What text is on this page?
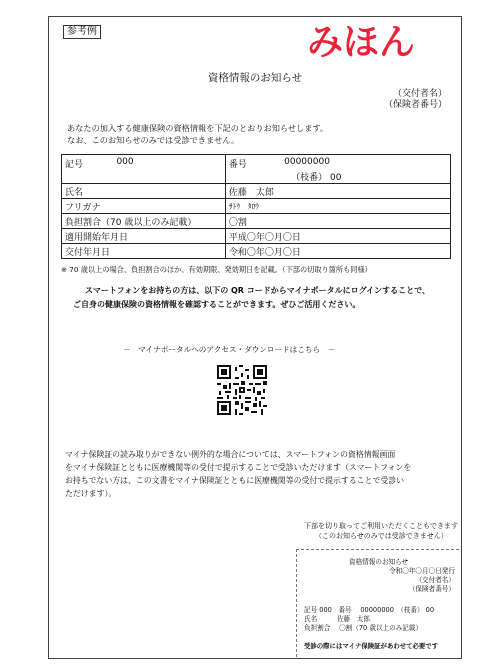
参考例	みほん
資格情報のお知らせ
（交付者名）
（保険者番号）
あなたの加入する健康保険の資格情報を下記のとおりお知らせします。
なお、このお知らせのみでは受診できません。
記号	000	番号	00000000
			（枝番） 00
氏名		佐藤　太郎	
フリガナ		ｻﾄｳ　ﾀﾛｳ	
負担割合（70 歳以上のみ記載）		〇割	
適用開始年月日		平成〇年〇月〇日	
交付年月日		令和〇年〇月〇日	
※ 70 歳以上の場合、負担割合のほか、有効期限、発効期日を記載。（下部の切取り箇所も同様）
スマートフォンをお持ちの方は、以下の QR コードからマイナポータルにログインすることで、
ご自身の健康保険の資格情報を確認することができます。ぜひご活用ください。
－　マイナポータルへのアクセス・ダウンロードはこちら　－
マイナ保険証の読み取りができない例外的な場合については、スマートフォンの資格情報画面
をマイナ保険証とともに医療機関等の受付で提示することで受診いただけます（スマートフォンを
お持ちでない方は、この文書をマイナ保険証とともに医療機関等の受付で提示することで受診い
ただけます）。
下部を切り取ってご利用いただくこともできます
（このお知らせのみでは受診できません）
資格情報のお知らせ
令和〇年〇月〇日発行
（交付者名）
（保険者番号）
記号 000　番号　 00000000　（枝番） 00
氏名　　　佐藤　太郎
負担割合　 〇割（70 歳以上のみ記載）
受診の際にはマイナ保険証があわせて必要です
